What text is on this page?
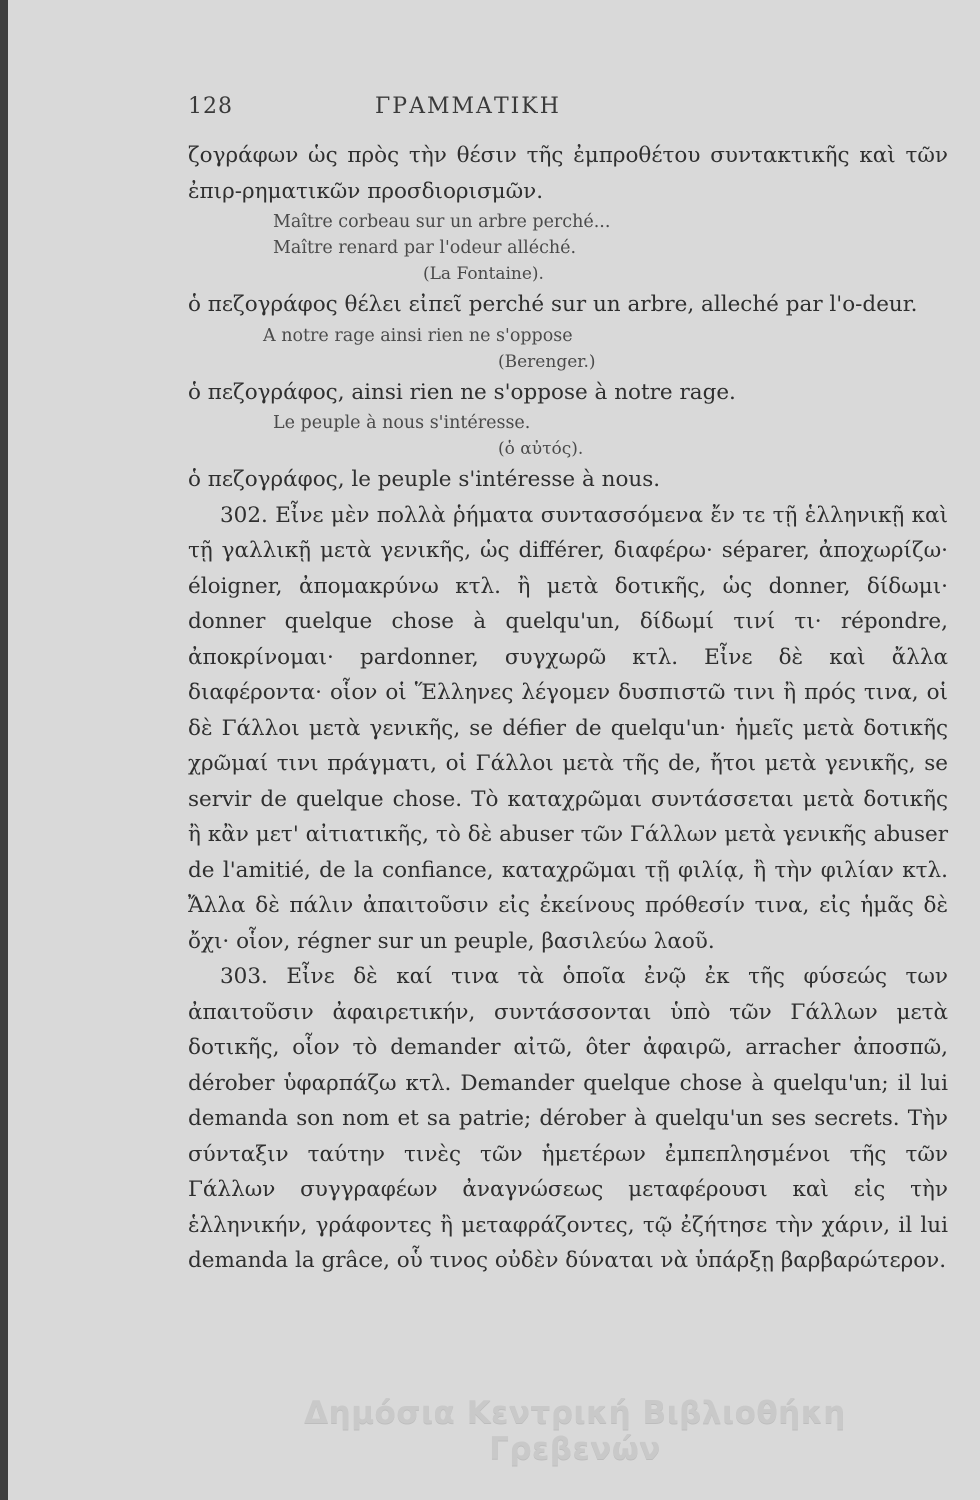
128	ΓΡΑΜΜΑΤΙΚΗ

ζογράφων ὡς πρὸς τὴν θέσιν τῆς ἐμπροθέτου συντακτικῆς καὶ τῶν ἐπιρ-ρηματικῶν προσδιορισμῶν.

Maître corbeau sur un arbre perché...
Maître renard par l'odeur alléché.
(La Fontaine).

ὁ πεζογράφος θέλει εἰπεῖ perché sur un arbre, alleché par l'o-deur.

A notre rage ainsi rien ne s'oppose
(Berenger.)

ὁ πεζογράφος, ainsi rien ne s'oppose à notre rage.

Le peuple à nous s'intéresse.
(ὁ αὐτός).

ὁ πεζογράφος, le peuple s'intéresse à nous.

302. Εἶνε μὲν πολλὰ ῥήματα συντασσόμενα ἔν τε τῇ ἑλληνικῇ καὶ τῇ γαλλικῇ μετὰ γενικῆς, ὡς différer, διαφέρω· séparer, ἀποχωρίζω· éloigner, ἀπομακρύνω κτλ. ἢ μετὰ δοτικῆς, ὡς donner, δίδωμι· donner quelque chose à quelqu'un, δίδωμί τινί τι· répondre, ἀποκρίνομαι· pardonner, συγχωρῶ κτλ. Εἶνε δὲ καὶ ἄλλα διαφέροντα· οἷον οἱ Ἕλληνες λέγομεν δυσπιστῶ τινι ἢ πρός τινα, οἱ δὲ Γάλλοι μετὰ γενικῆς, se défier de quelqu'un· ἡμεῖς μετὰ δοτικῆς χρῶμαί τινι πράγματι, οἱ Γάλλοι μετὰ τῆς de, ἤτοι μετὰ γενικῆς, se servir de quelque chose. Τὸ καταχρῶμαι συντάσσεται μετὰ δοτικῆς ἢ κἂν μετ' αἰτιατικῆς, τὸ δὲ abuser τῶν Γάλλων μετὰ γενικῆς abuser de l'amitié, de la confiance, καταχρῶμαι τῇ φιλίᾳ, ἢ τὴν φιλίαν κτλ. Ἄλλα δὲ πάλιν ἀπαιτοῦσιν εἰς ἐκείνους πρόθεσίν τινα, εἰς ἡμᾶς δὲ ὄχι· οἷον, régner sur un peuple, βασιλεύω λαοῦ.

303. Εἶνε δὲ καί τινα τὰ ὁποῖα ἐνῷ ἐκ τῆς φύσεώς των ἀπαιτοῦσιν ἀφαιρετικήν, συντάσσονται ὑπὸ τῶν Γάλλων μετὰ δοτικῆς, οἷον τὸ demander αἰτῶ, ôter ἀφαιρῶ, arracher ἀποσπῶ, dérober ὑφαρπάζω κτλ. Demander quelque chose à quelqu'un; il lui demanda son nom et sa patrie; dérober à quelqu'un ses secrets. Τὴν σύνταξιν ταύτην τινὲς τῶν ἡμετέρων ἐμπεπλησμένοι τῆς τῶν Γάλλων συγγραφέων ἀναγνώσεως μεταφέρουσι καὶ εἰς τὴν ἑλληνικήν, γράφοντες ἢ μεταφράζοντες, τῷ ἐζήτησε τὴν χάριν, il lui demanda la grâce, οὗ τινος οὐδὲν δύναται νὰ ὑπάρξῃ βαρβαρώτερον.

Δημόσια Κεντρική Βιβλιοθήκη Γρεβενών
